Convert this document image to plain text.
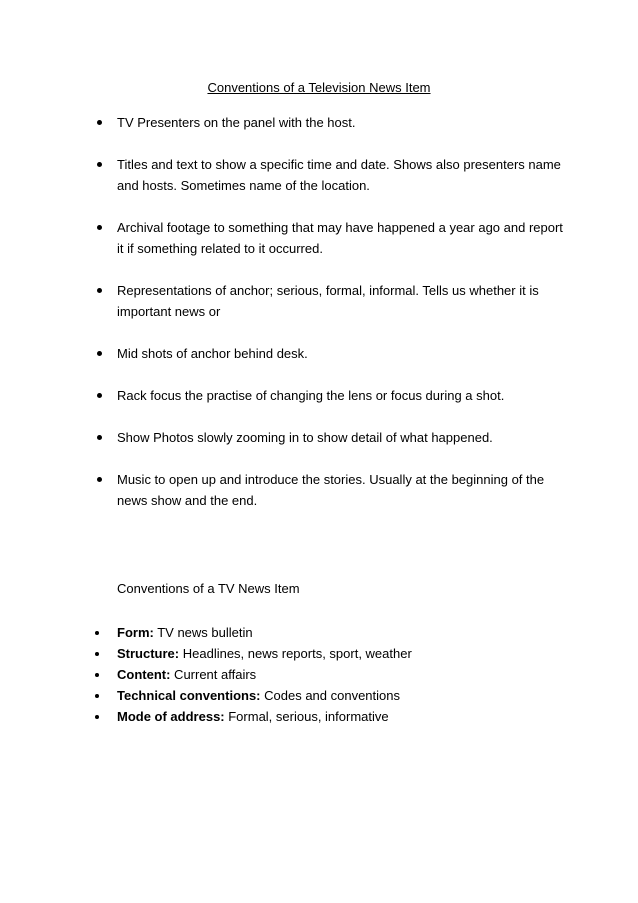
Conventions of a Television News Item
TV Presenters on the panel with the host.
Titles and text to show a specific time and date. Shows also presenters name and hosts. Sometimes name of the location.
Archival footage to something that may have happened a year ago and report it if something related to it occurred.
Representations of anchor; serious, formal, informal. Tells us whether it is important news or
Mid shots of anchor behind desk.
Rack focus the practise of changing the lens or focus during a shot.
Show Photos slowly zooming in to show detail of what happened.
Music to open up and introduce the stories. Usually at the beginning of the news show and the end.
Conventions of a TV News Item
Form: TV news bulletin
Structure: Headlines, news reports, sport, weather
Content: Current affairs
Technical conventions: Codes and conventions
Mode of address: Formal, serious, informative
